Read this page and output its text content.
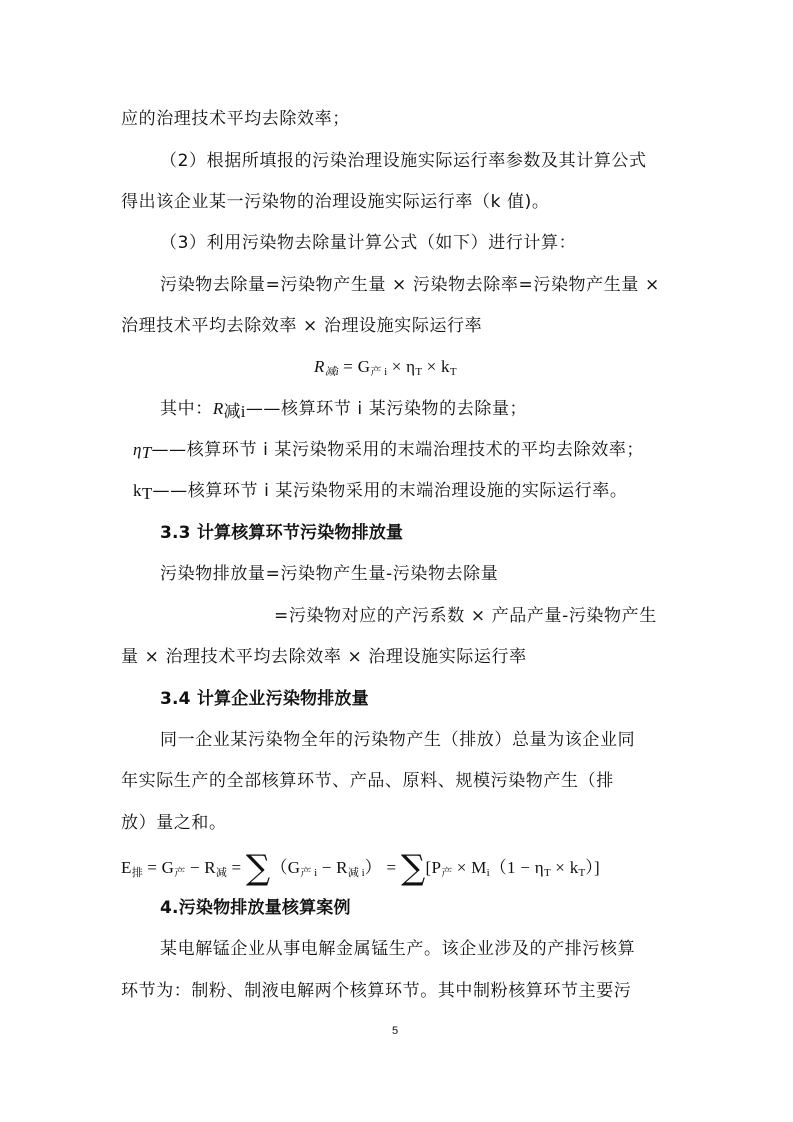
应的治理技术平均去除效率；
（2）根据所填报的污染治理设施实际运行率参数及其计算公式
得出该企业某一污染物的治理设施实际运行率（k 值)。
（3）利用污染物去除量计算公式（如下）进行计算：
污染物去除量=污染物产生量 × 污染物去除率=污染物产生量 ×
治理技术平均去除效率 × 治理设施实际运行率
$R_{减i} = G_{产 i} \times \eta_T \times k_T$
其中：$R_{减i}——$核算环节 i 某污染物的去除量；
$\eta_T——$核算环节 i 某污染物采用的末端治理技术的平均去除效率；
$k_T——$核算环节 i 某污染物采用的末端治理设施的实际运行率。
3.3 计算核算环节污染物排放量
污染物排放量=污染物产生量-污染物去除量
=污染物对应的产污系数 × 产品产量-污染物产生
量 × 治理技术平均去除效率 × 治理设施实际运行率
3.4 计算企业污染物排放量
同一企业某污染物全年的污染物产生（排放）总量为该企业同
年实际生产的全部核算环节、产品、原料、规模污染物产生（排
放）量之和。
$E_排 = G_产 - R_减 = \sum(G_{产 i} - R_{减 i}) = \sum[P_产 \times M_i(1 - \eta_T \times k_T)]$
4.污染物排放量核算案例
某电解锰企业从事电解金属锰生产。该企业涉及的产排污核算
环节为：制粉、制液电解两个核算环节。其中制粉核算环节主要污
5
